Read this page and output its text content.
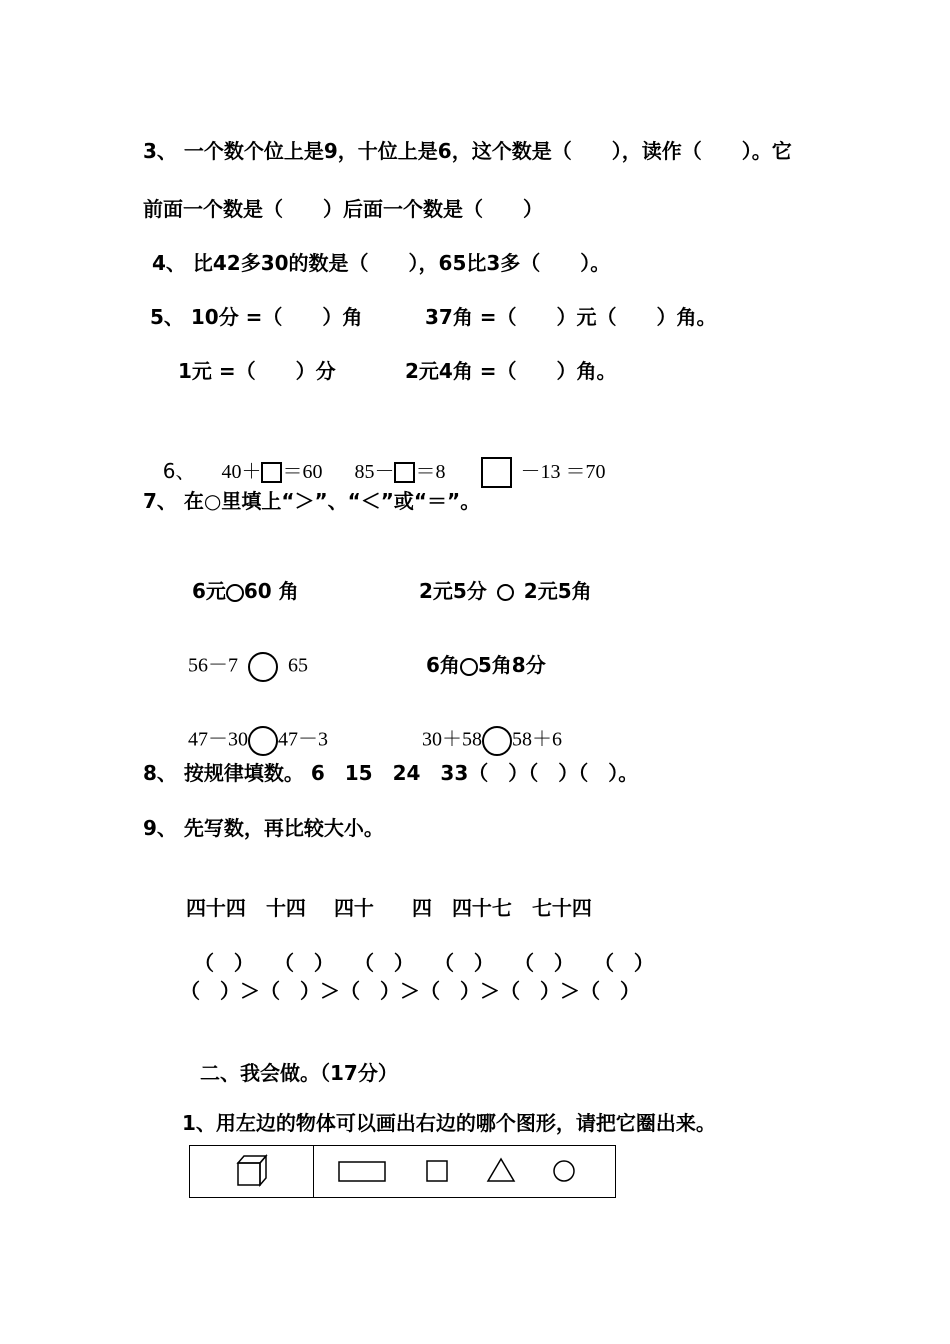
3、 一个数个位上是9，十位上是6，这个数是（　　），读作（　　）。它
前面一个数是（　　）后面一个数是（　　）
4、 比42多30的数是（　　），65比3多（　　）。
5、 10分 =（　　）角	37角 =（　　）元（　　）角。
1元 =（　　）分	2元4角 =（　　）角。

6、 40＋ ＝60 85－ ＝8	－13 ＝70

7、 在○里填上“＞”、“＜”或“＝”。

6元 60 角	2元5分 2元5角

56－7	65	6角 5角8分

47－30 47－3	30＋58 58＋6

8、 按规律填数。 6　15　24　33（　）（　）（　）。
9、 先写数，再比较大小。

四十四 十四 四十 四 四十七 七十四

（　） （　） （　） （　） （　） （　）

（　）＞（　）＞（　）＞（　）＞（　）＞（　）
二、我会做。（17分）
1、用左边的物体可以画出右边的哪个图形，请把它圈出来。
